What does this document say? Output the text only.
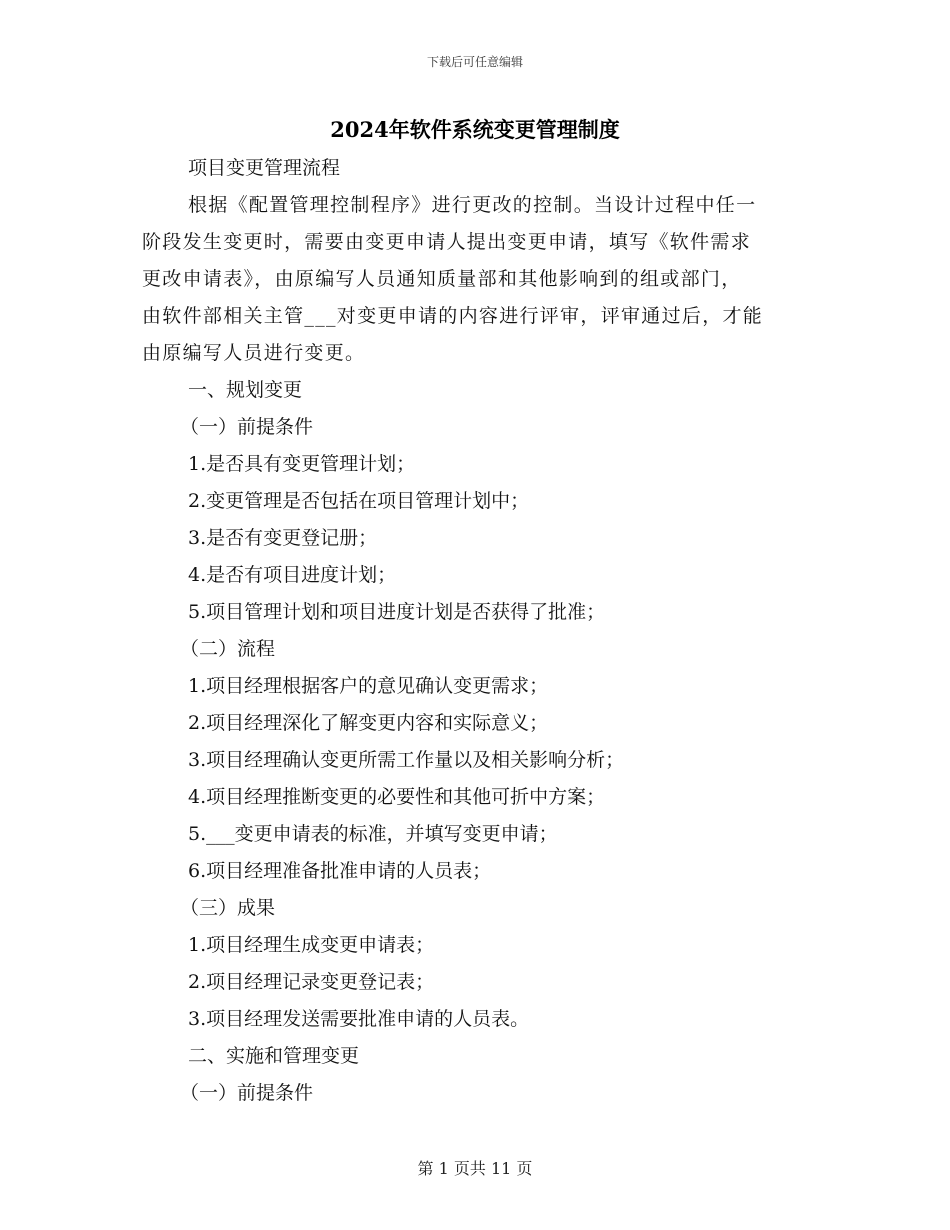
下载后可任意编辑
2024年软件系统变更管理制度
项目变更管理流程
根据《配置管理控制程序》进行更改的控制。当设计过程中任一
阶段发生变更时，需要由变更申请人提出变更申请，填写《软件需求
更改申请表》，由原编写人员通知质量部和其他影响到的组或部门，
由软件部相关主管___对变更申请的内容进行评审，评审通过后，才能
由原编写人员进行变更。
一、规划变更
（一）前提条件
1.是否具有变更管理计划；
2.变更管理是否包括在项目管理计划中；
3.是否有变更登记册；
4.是否有项目进度计划；
5.项目管理计划和项目进度计划是否获得了批准；
（二）流程
1.项目经理根据客户的意见确认变更需求；
2.项目经理深化了解变更内容和实际意义；
3.项目经理确认变更所需工作量以及相关影响分析；
4.项目经理推断变更的必要性和其他可折中方案；
5.___变更申请表的标准，并填写变更申请；
6.项目经理准备批准申请的人员表；
（三）成果
1.项目经理生成变更申请表；
2.项目经理记录变更登记表；
3.项目经理发送需要批准申请的人员表。
二、实施和管理变更
（一）前提条件
第 1 页共 11 页
